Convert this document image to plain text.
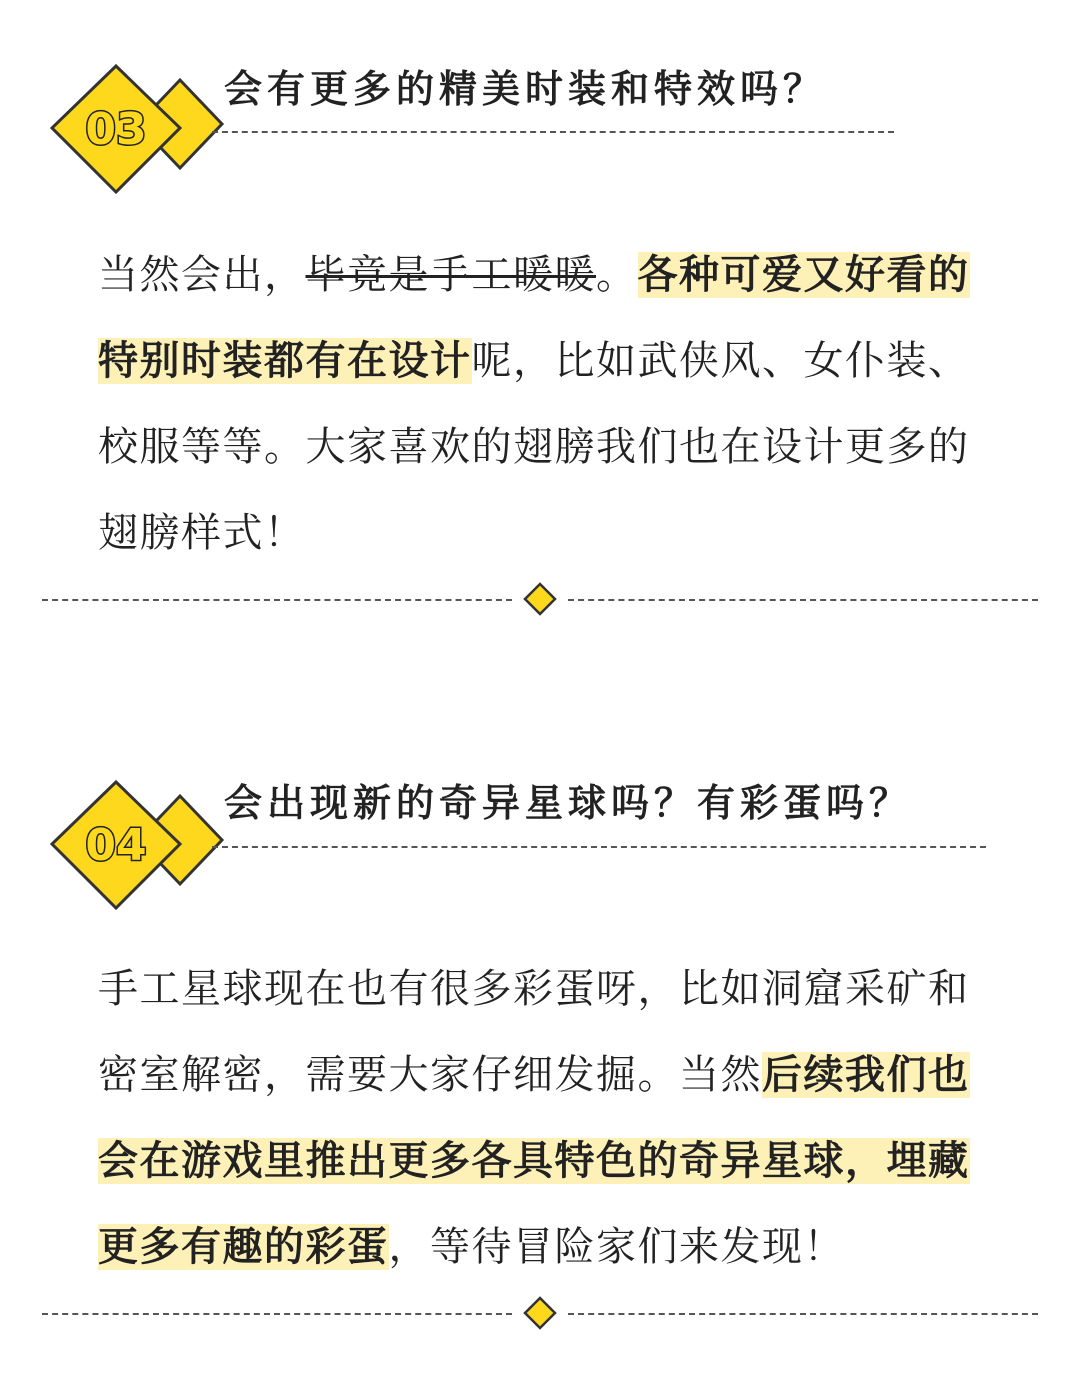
03
会有更多的精美时装和特效吗？
当然会出，毕竟是手工暖暖。各种可爱又好看的特别时装都有在设计呢，比如武侠风、女仆装、校服等等。大家喜欢的翅膀我们也在设计更多的翅膀样式！
04
会出现新的奇异星球吗？有彩蛋吗？
手工星球现在也有很多彩蛋呀，比如洞窟采矿和密室解密，需要大家仔细发掘。当然后续我们也会在游戏里推出更多各具特色的奇异星球，埋藏更多有趣的彩蛋，等待冒险家们来发现！
